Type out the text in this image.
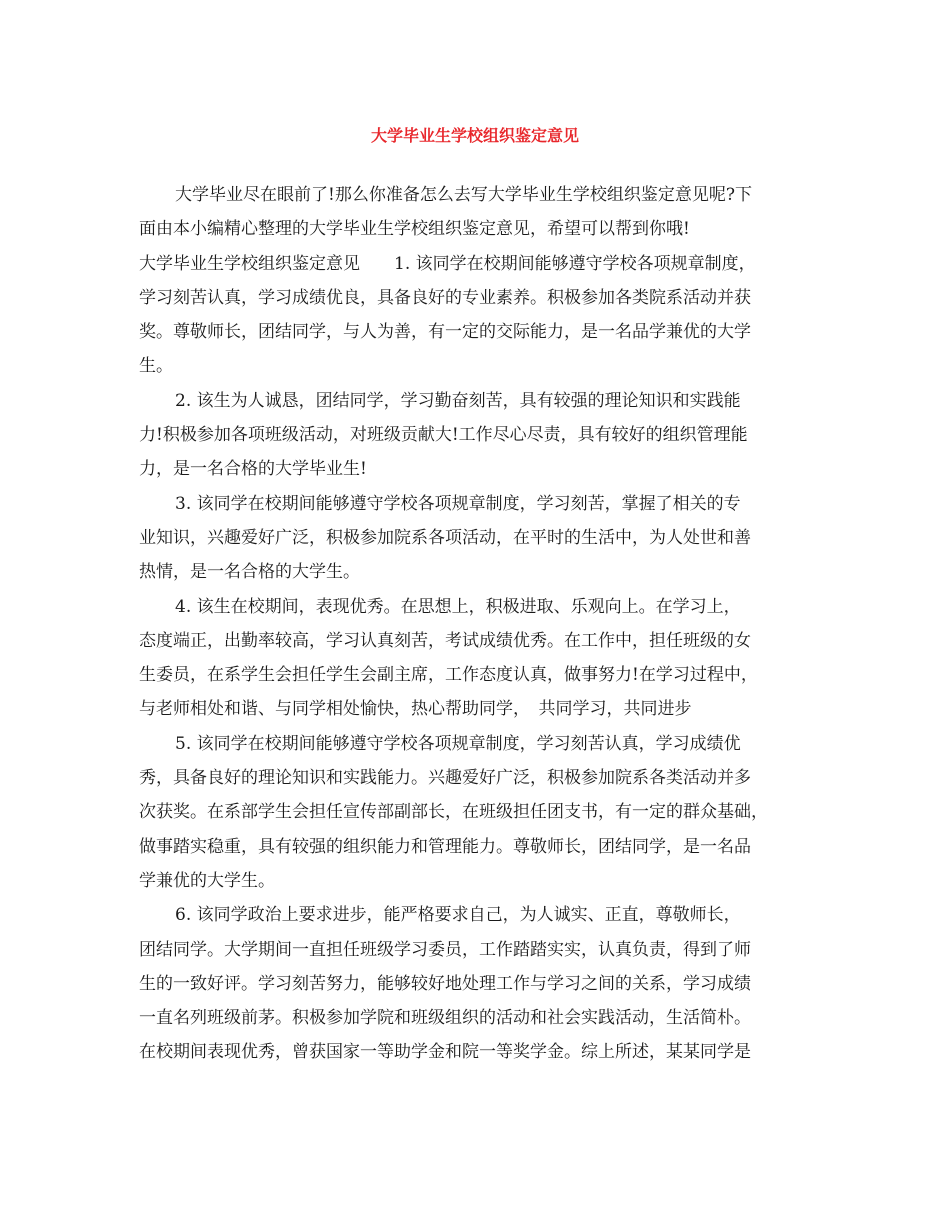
大学毕业生学校组织鉴定意见
大学毕业尽在眼前了!那么你准备怎么去写大学毕业生学校组织鉴定意见呢?下
面由本小编精心整理的大学毕业生学校组织鉴定意见，希望可以帮到你哦!
大学毕业生学校组织鉴定意见　　1. 该同学在校期间能够遵守学校各项规章制度，
学习刻苦认真，学习成绩优良，具备良好的专业素养。积极参加各类院系活动并获
奖。尊敬师长，团结同学，与人为善，有一定的交际能力，是一名品学兼优的大学
生。
2. 该生为人诚恳，团结同学，学习勤奋刻苦，具有较强的理论知识和实践能
力!积极参加各项班级活动，对班级贡献大!工作尽心尽责，具有较好的组织管理能
力，是一名合格的大学毕业生!
3. 该同学在校期间能够遵守学校各项规章制度，学习刻苦，掌握了相关的专
业知识，兴趣爱好广泛，积极参加院系各项活动，在平时的生活中，为人处世和善
热情，是一名合格的大学生。
4. 该生在校期间，表现优秀。在思想上，积极进取、乐观向上。在学习上，
态度端正，出勤率较高，学习认真刻苦，考试成绩优秀。在工作中，担任班级的女
生委员，在系学生会担任学生会副主席，工作态度认真，做事努力!在学习过程中，
与老师相处和谐、与同学相处愉快，热心帮助同学，　共同学习，共同进步
5. 该同学在校期间能够遵守学校各项规章制度，学习刻苦认真，学习成绩优
秀，具备良好的理论知识和实践能力。兴趣爱好广泛，积极参加院系各类活动并多
次获奖。在系部学生会担任宣传部副部长，在班级担任团支书，有一定的群众基础，
做事踏实稳重，具有较强的组织能力和管理能力。尊敬师长，团结同学，是一名品
学兼优的大学生。
6. 该同学政治上要求进步，能严格要求自己，为人诚实、正直，尊敬师长，
团结同学。大学期间一直担任班级学习委员，工作踏踏实实，认真负责，得到了师
生的一致好评。学习刻苦努力，能够较好地处理工作与学习之间的关系，学习成绩
一直名列班级前茅。积极参加学院和班级组织的活动和社会实践活动，生活简朴。
在校期间表现优秀，曾获国家一等助学金和院一等奖学金。综上所述，某某同学是
